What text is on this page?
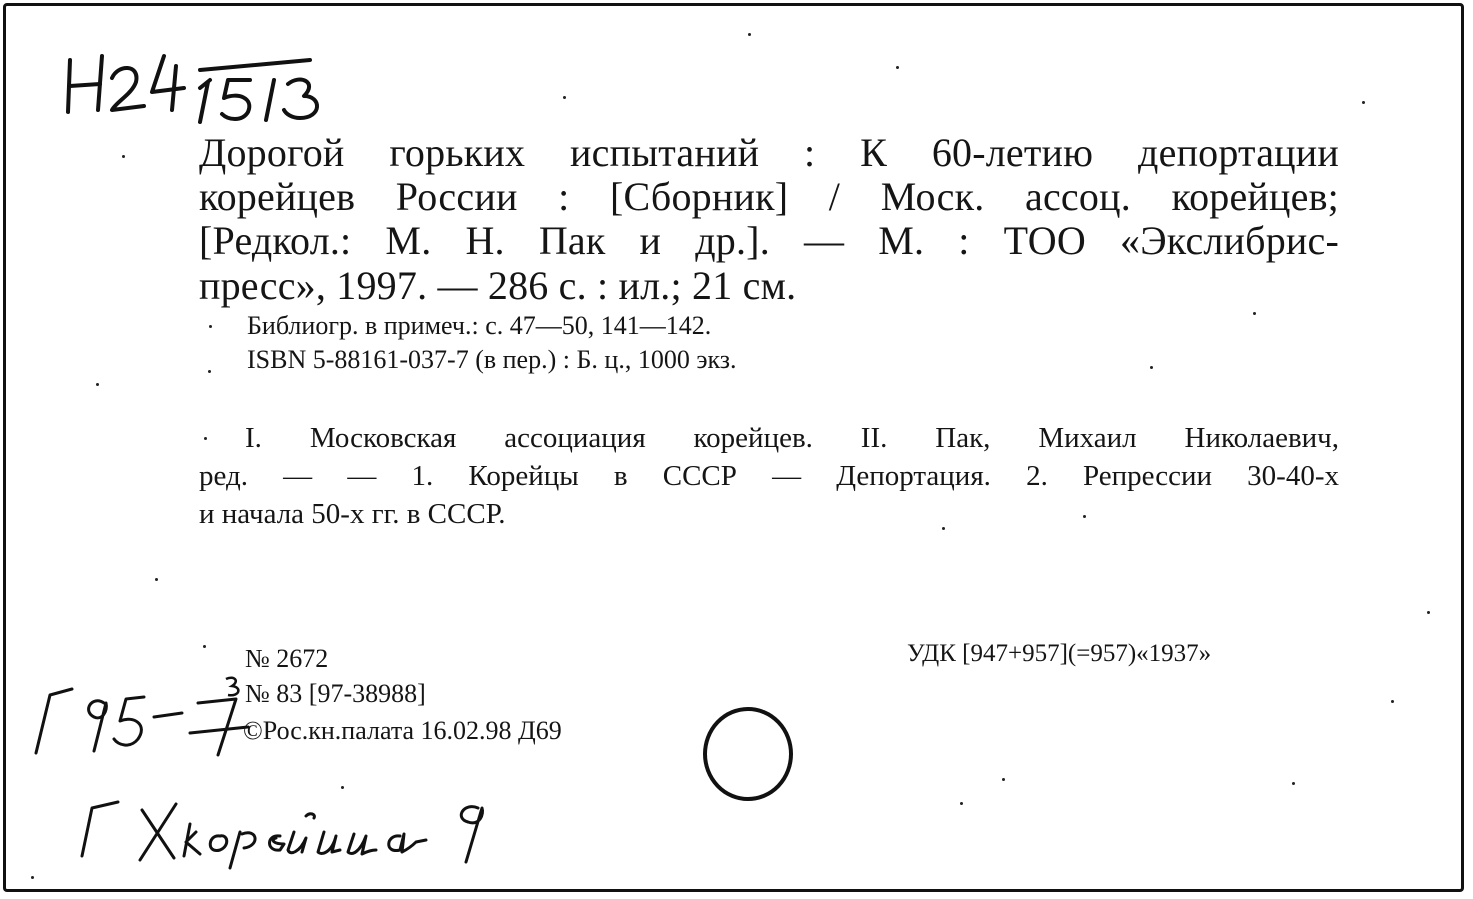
Дорогой горьких испытаний : К 60-летию депортации
корейцев России : [Сборник] / Моск. ассоц. корейцев;
[Редкол.: М. Н. Пак и др.]. — М. : ТОО «Экслибрис-
пресс», 1997. — 286 с. : ил.; 21 см.
Библиогр. в примеч.: с. 47—50, 141—142.
ISBN 5-88161-037-7 (в пер.) : Б. ц., 1000 экз.
I. Московская ассоциация корейцев. II. Пак, Михаил Николаевич,
ред. — — 1. Корейцы в СССР — Депортация. 2. Репрессии 30-40-х
и начала 50-х гг. в СССР.
№ 2672
№ 83 [97-38988]
©Рос.кн.палата 16.02.98 Д69
УДК [947+957](=957)«1937»
